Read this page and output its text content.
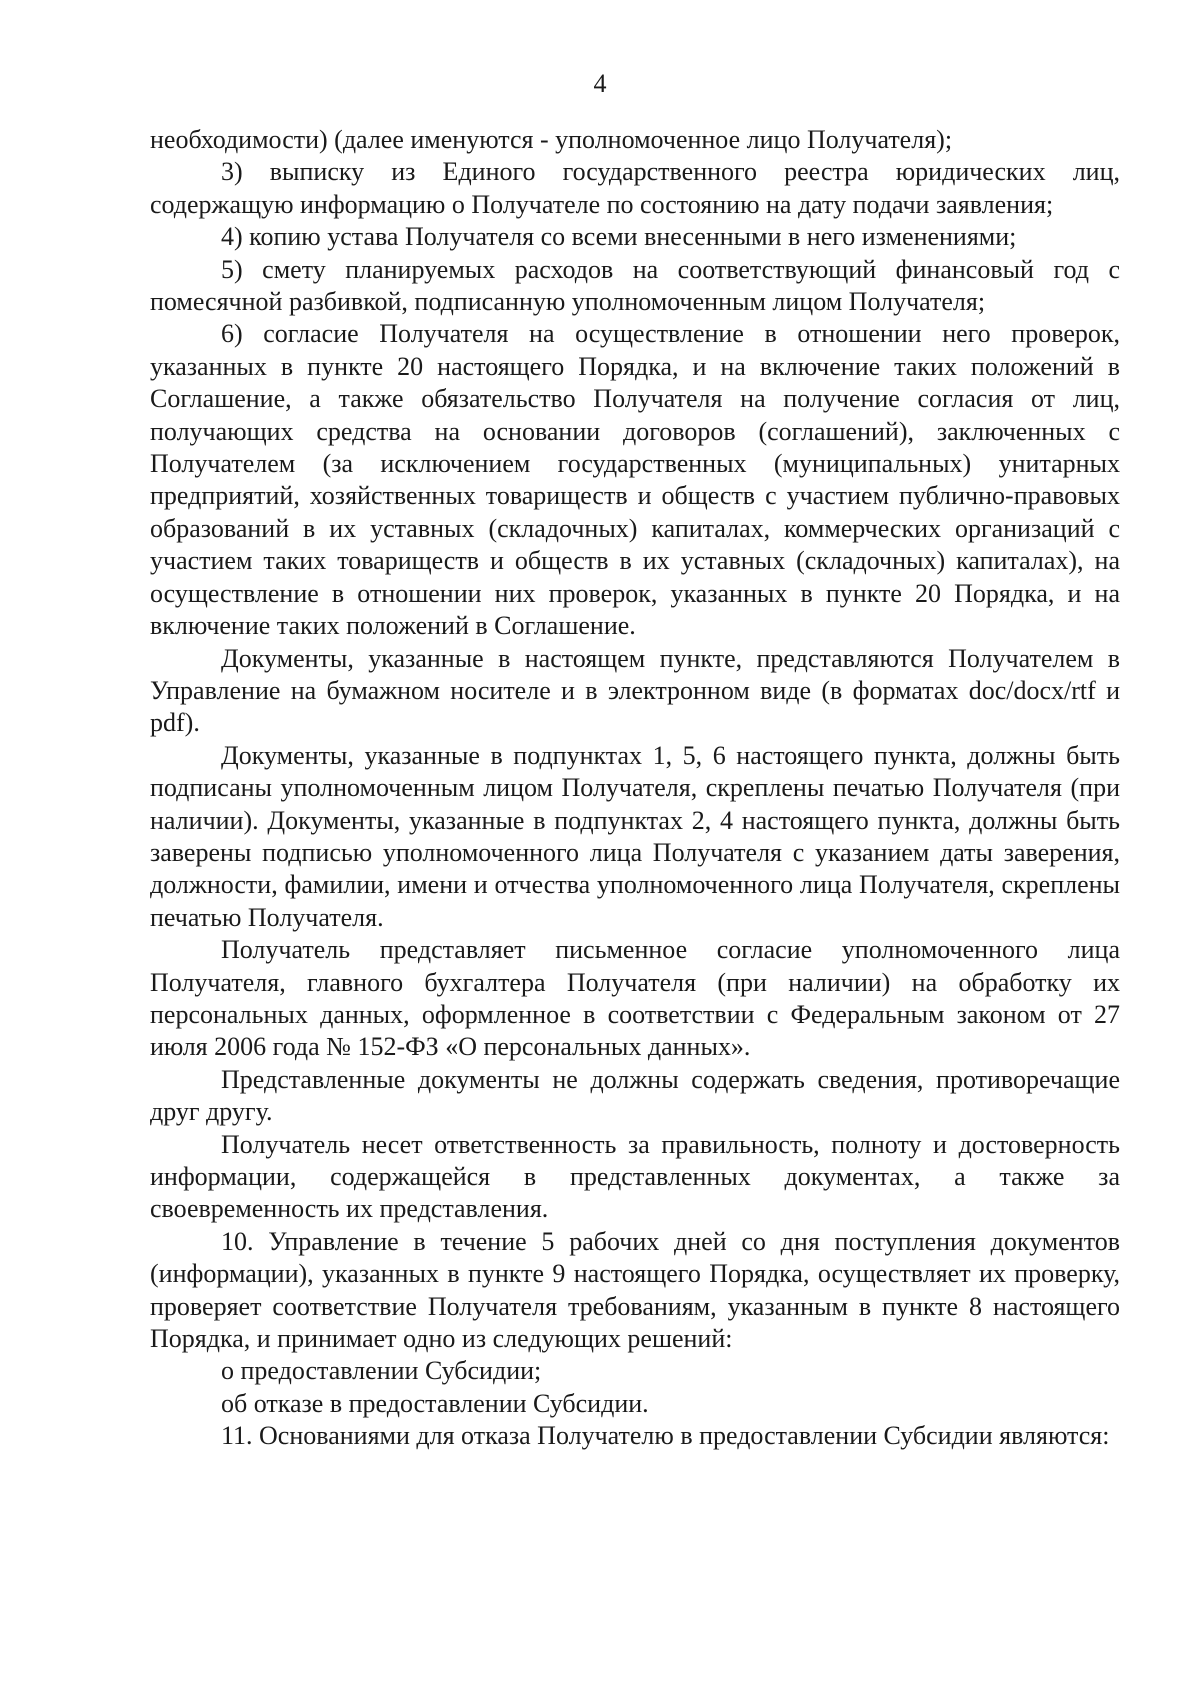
4

необходимости) (далее именуются - уполномоченное лицо Получателя);

3) выписку из Единого государственного реестра юридических лиц, содержащую информацию о Получателе по состоянию на дату подачи заявления;

4) копию устава Получателя со всеми внесенными в него изменениями;

5) смету планируемых расходов на соответствующий финансовый год с помесячной разбивкой, подписанную уполномоченным лицом Получателя;

6) согласие Получателя на осуществление в отношении него проверок, указанных в пункте 20 настоящего Порядка, и на включение таких положений в Соглашение, а также обязательство Получателя на получение согласия от лиц, получающих средства на основании договоров (соглашений), заключенных с Получателем (за исключением государственных (муниципальных) унитарных предприятий, хозяйственных товариществ и обществ с участием публично-правовых образований в их уставных (складочных) капиталах, коммерческих организаций с участием таких товариществ и обществ в их уставных (складочных) капиталах), на осуществление в отношении них проверок, указанных в пункте 20 Порядка, и на включение таких положений в Соглашение.

Документы, указанные в настоящем пункте, представляются Получателем в Управление на бумажном носителе и в электронном виде (в форматах doc/docx/rtf и pdf).

Документы, указанные в подпунктах 1, 5, 6 настоящего пункта, должны быть подписаны уполномоченным лицом Получателя, скреплены печатью Получателя (при наличии). Документы, указанные в подпунктах 2, 4 настоящего пункта, должны быть заверены подписью уполномоченного лица Получателя с указанием даты заверения, должности, фамилии, имени и отчества уполномоченного лица Получателя, скреплены печатью Получателя.

Получатель представляет письменное согласие уполномоченного лица Получателя, главного бухгалтера Получателя (при наличии) на обработку их персональных данных, оформленное в соответствии с Федеральным законом от 27 июля 2006 года № 152-ФЗ «О персональных данных».

Представленные документы не должны содержать сведения, противоречащие друг другу.

Получатель несет ответственность за правильность, полноту и достоверность информации, содержащейся в представленных документах, а также за своевременность их представления.

10. Управление в течение 5 рабочих дней со дня поступления документов (информации), указанных в пункте 9 настоящего Порядка, осуществляет их проверку, проверяет соответствие Получателя требованиям, указанным в пункте 8 настоящего Порядка, и принимает одно из следующих решений:

о предоставлении Субсидии;

об отказе в предоставлении Субсидии.

11. Основаниями для отказа Получателю в предоставлении Субсидии являются:
